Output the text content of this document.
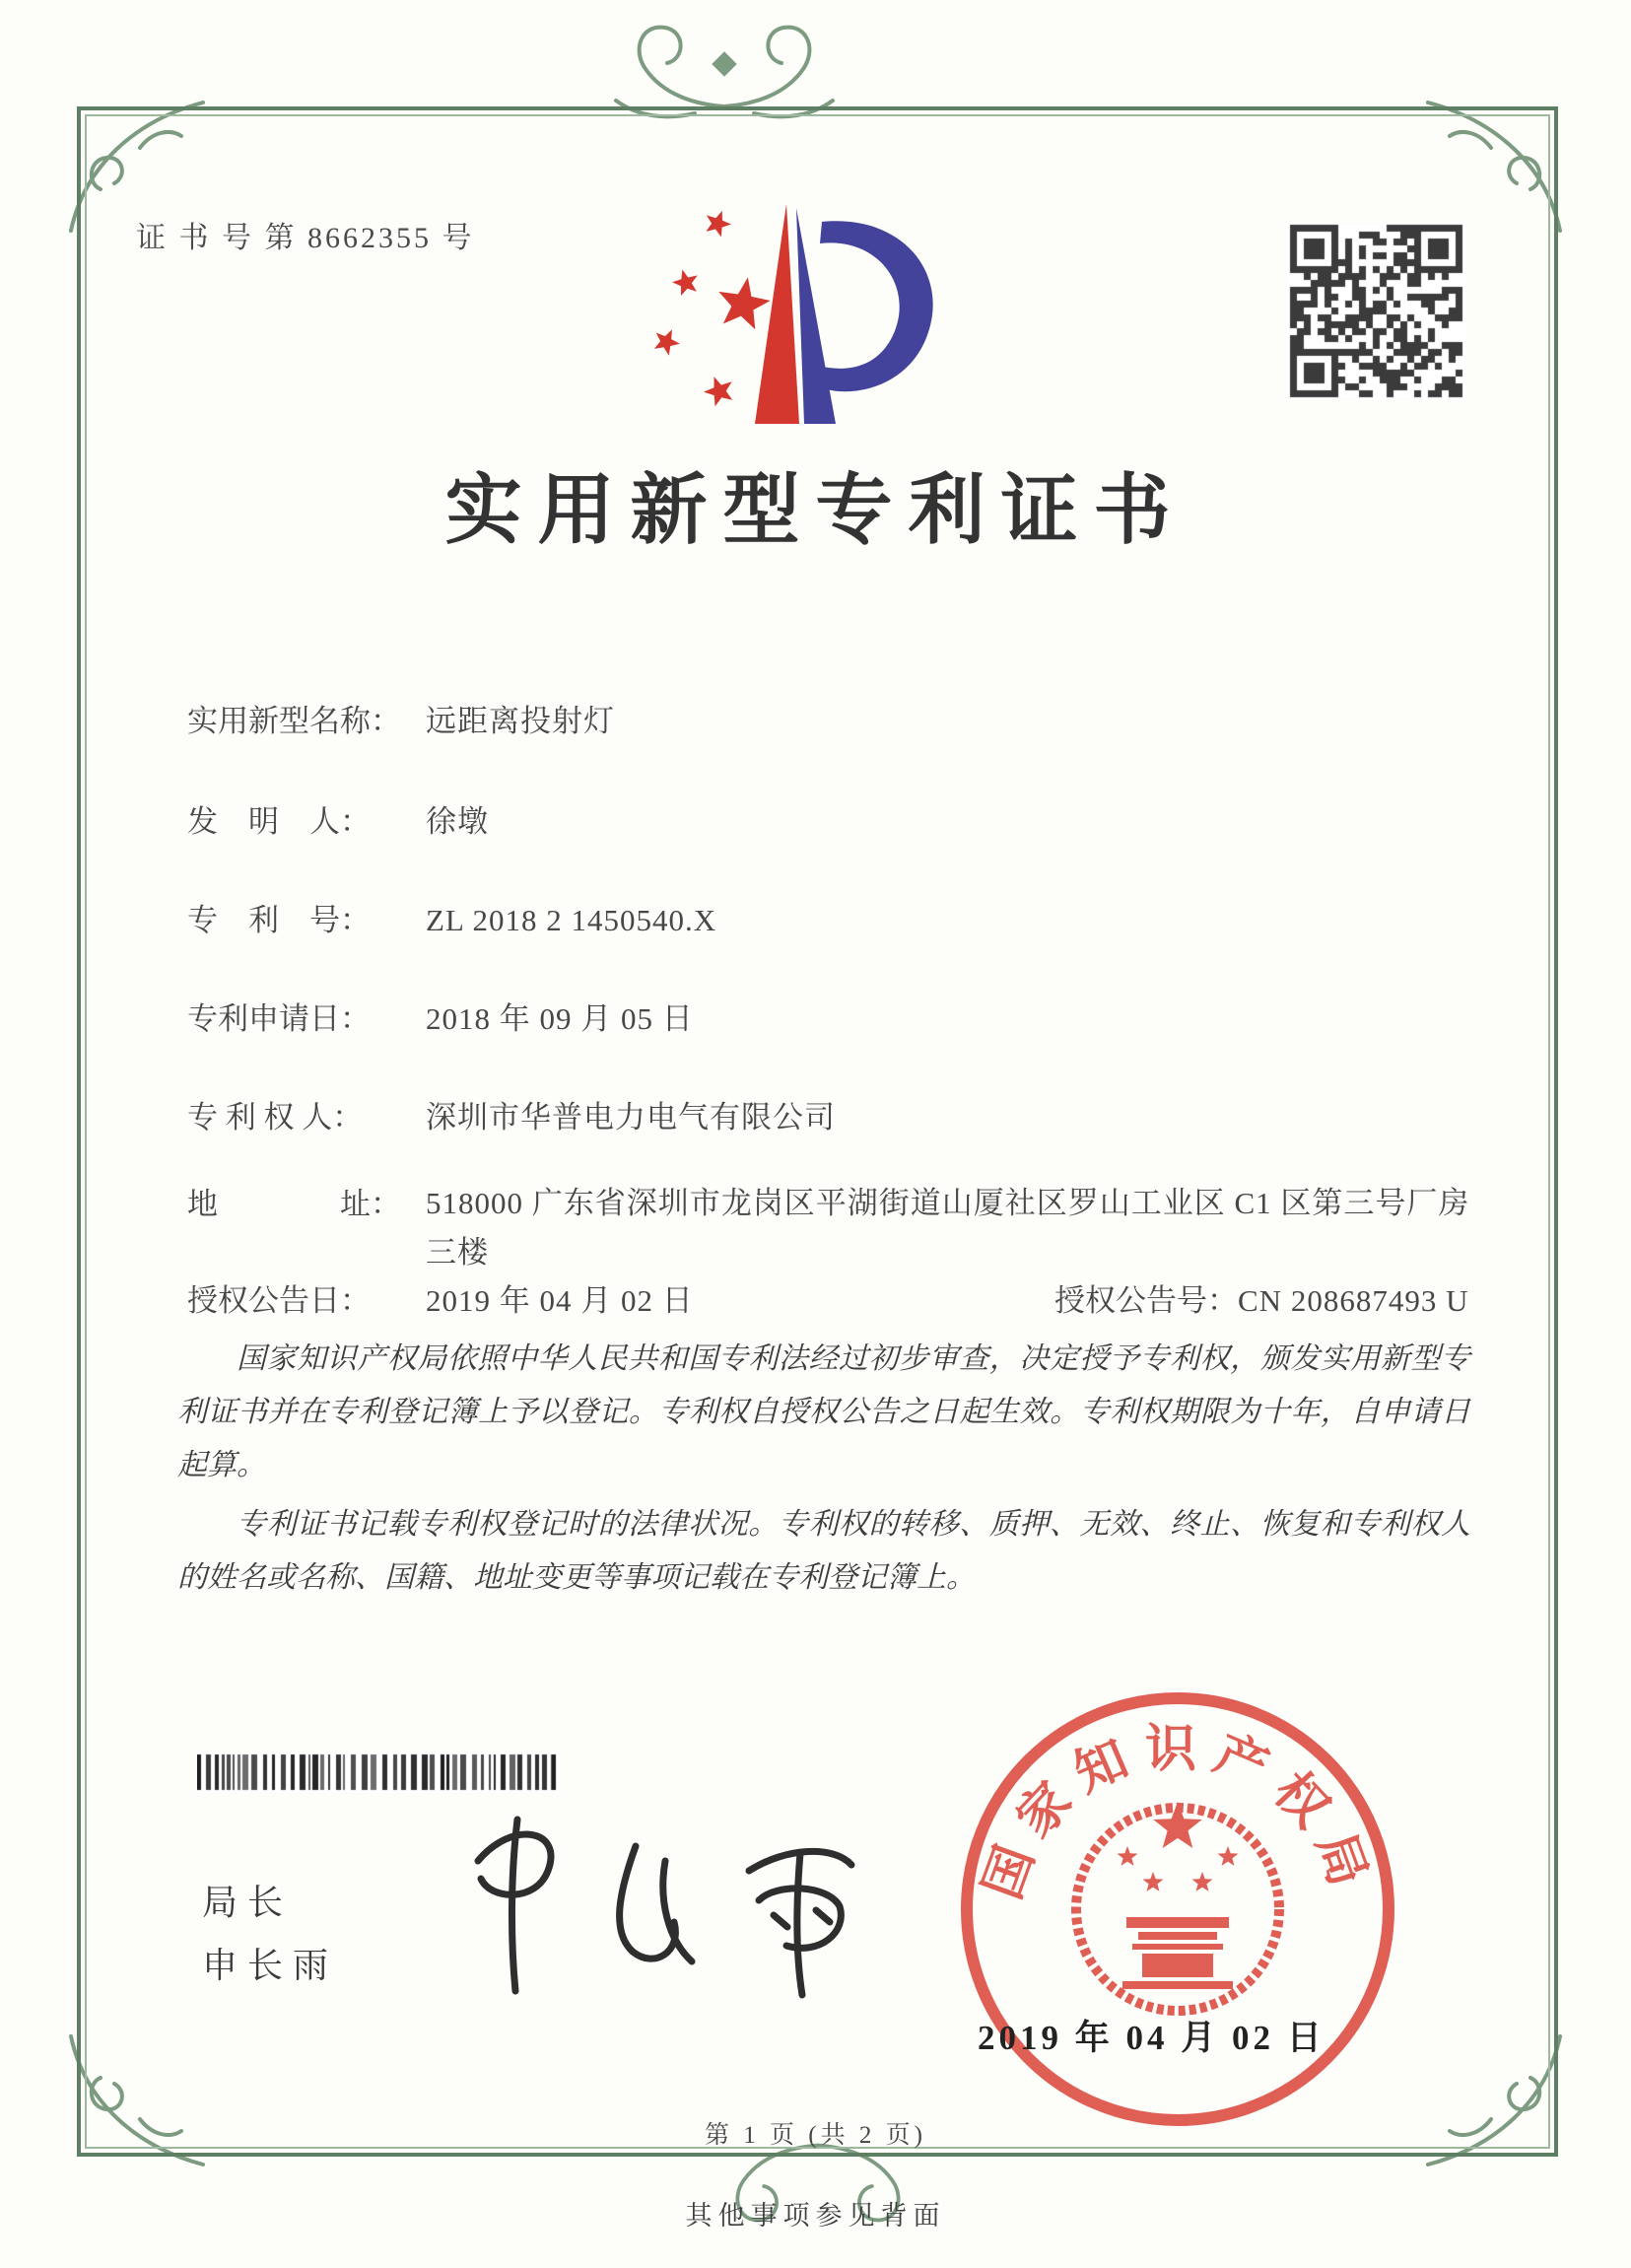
证 书 号 第 8662355 号
实用新型专利证书
实用新型名称： 远距离投射灯
发　明　人： 徐墩
专　利　号： ZL 2018 2 1450540.X
专利申请日： 2018 年 09 月 05 日
专 利 权 人： 深圳市华普电力电气有限公司
地　　　　址： 518000 广东省深圳市龙岗区平湖街道山厦社区罗山工业区 C1 区第三号厂房三楼
授权公告日： 2019 年 04 月 02 日	授权公告号：CN 208687493 U

国家知识产权局依照中华人民共和国专利法经过初步审查，决定授予专利权，颁发实用新型专利证书并在专利登记簿上予以登记。专利权自授权公告之日起生效。专利权期限为十年，自申请日起算。

专利证书记载专利权登记时的法律状况。专利权的转移、质押、无效、终止、恢复和专利权人的姓名或名称、国籍、地址变更等事项记载在专利登记簿上。

局长
申长雨
国家知识产权局
2019 年 04 月 02 日
第 1 页 (共 2 页)
其他事项参见背面
